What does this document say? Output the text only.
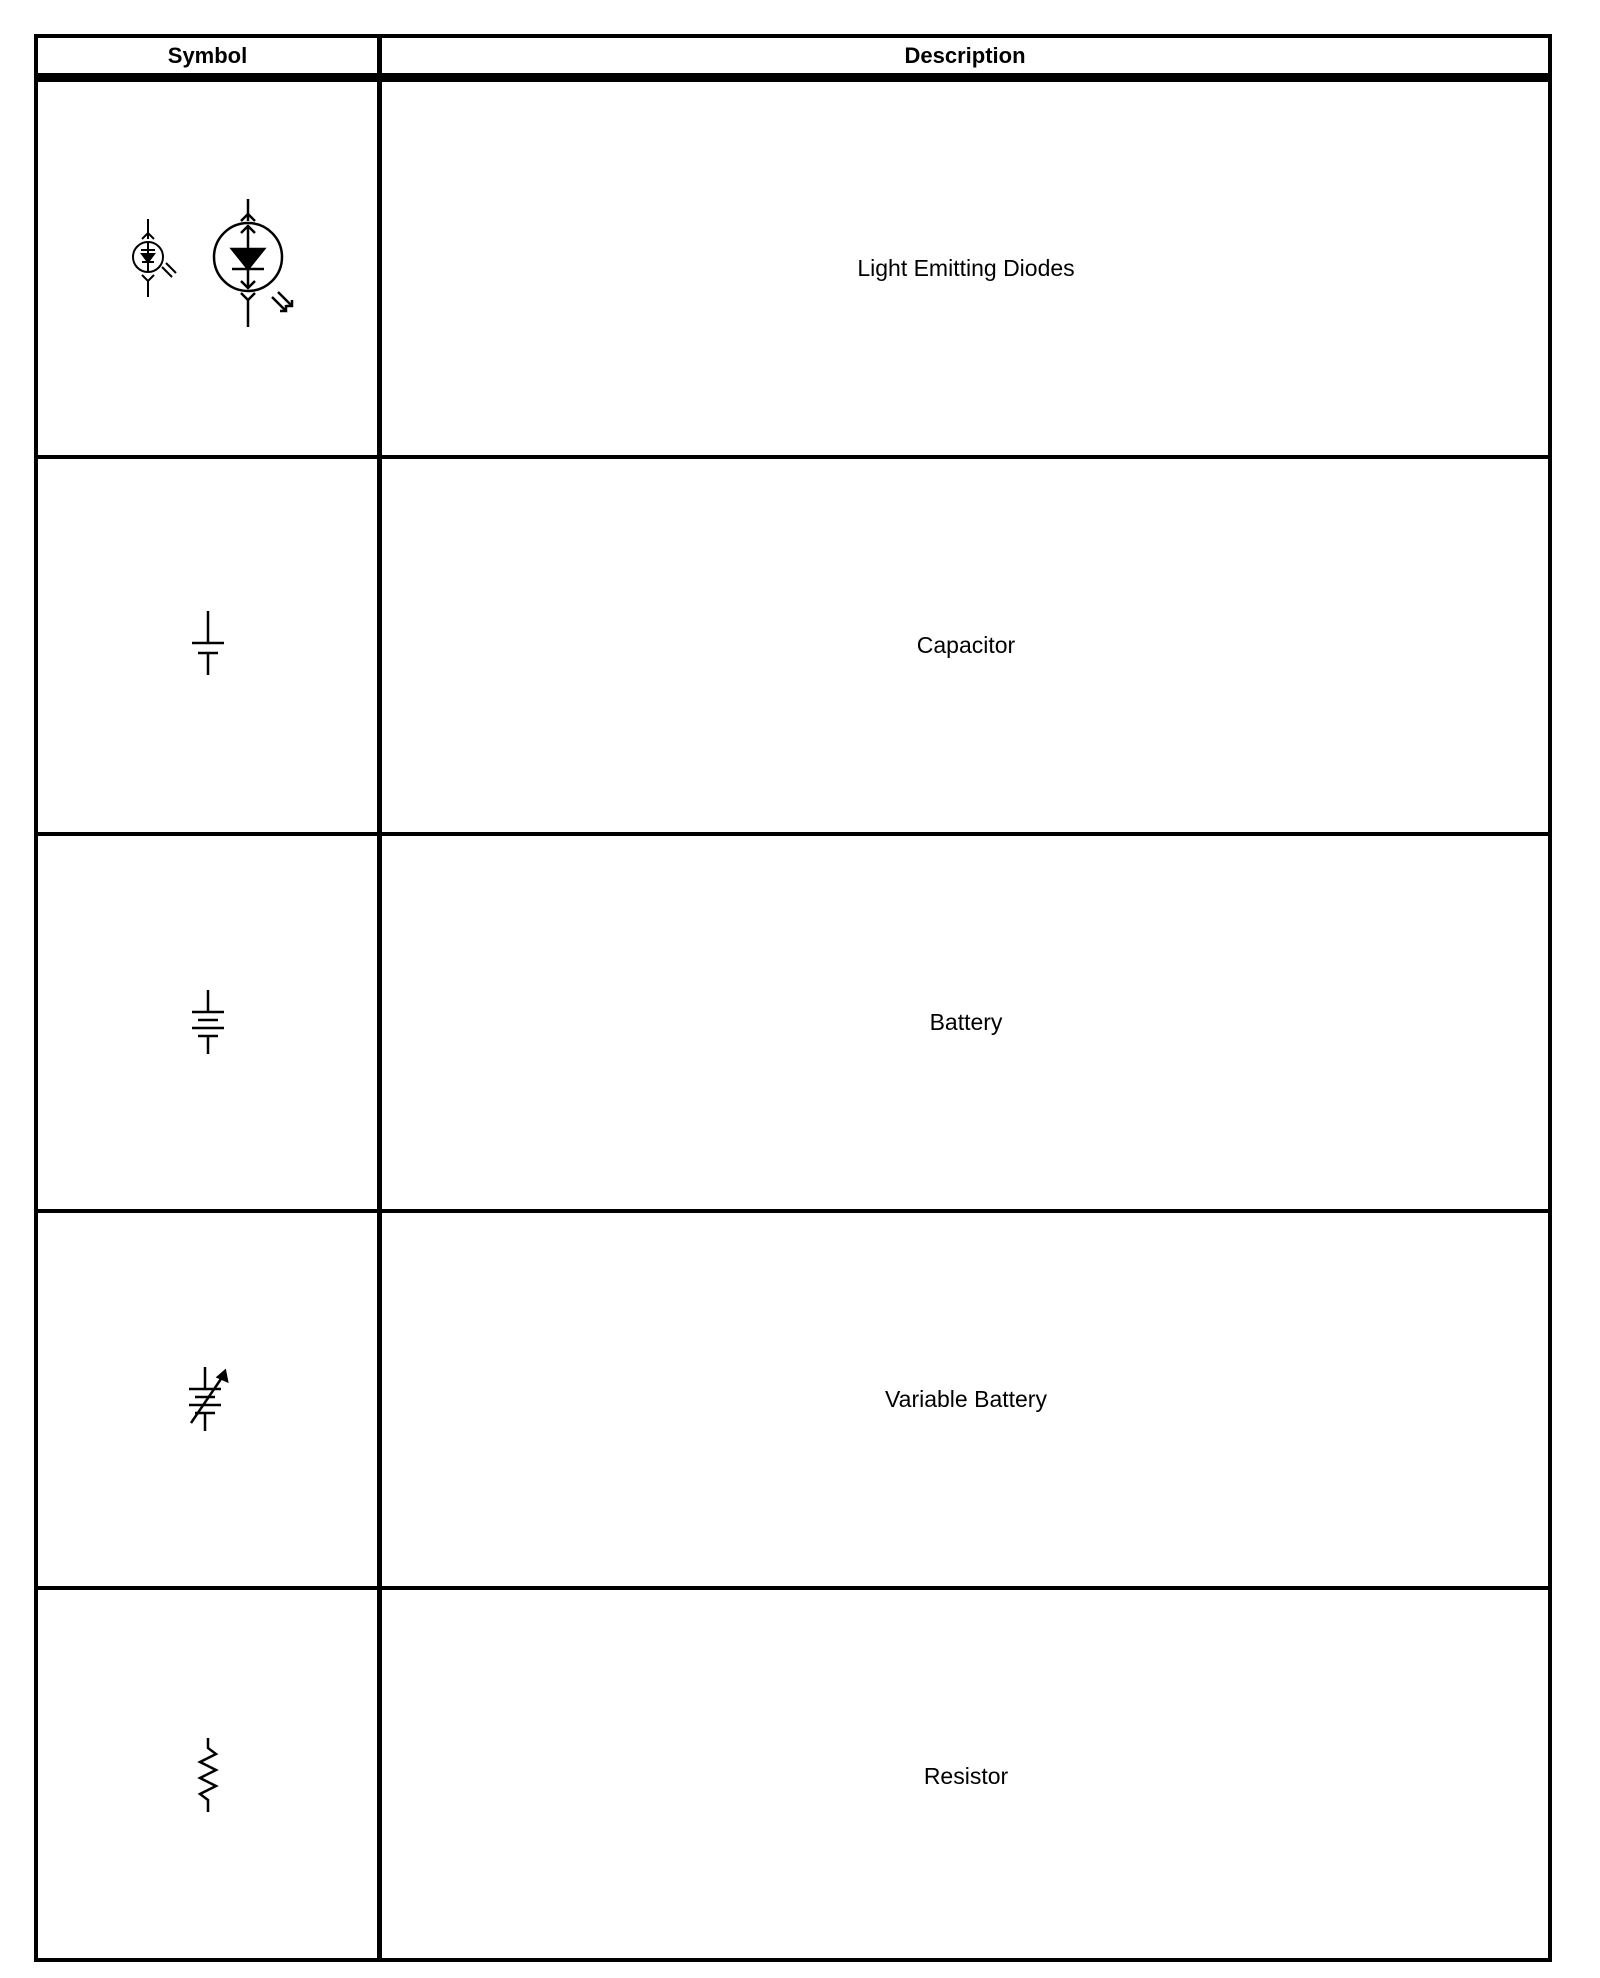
Symbol	Description
Light Emitting Diodes
Capacitor
Battery
Variable Battery
Resistor
